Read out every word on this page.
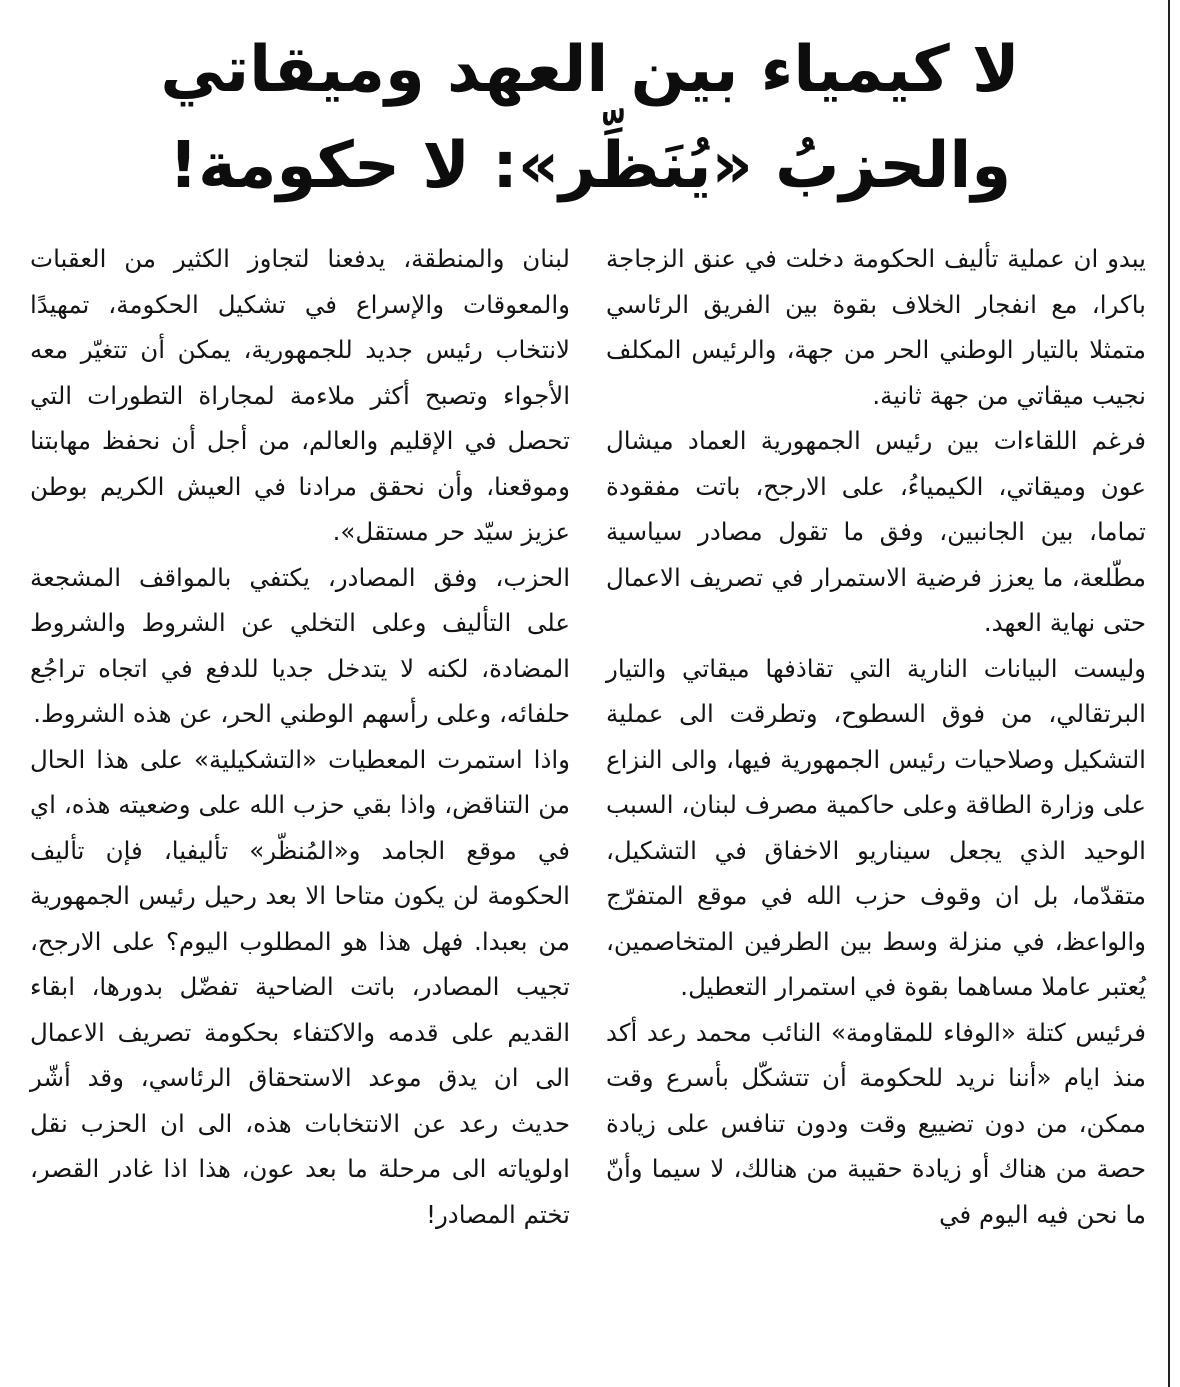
لا كيمياء بين العهد وميقاتي
والحزبُ «يُنَظِّر»: لا حكومة!

يبدو ان عملية تأليف الحكومة دخلت في عنق الزجاجة باكرا، مع انفجار الخلاف بقوة بين الفريق الرئاسي متمثلا بالتيار الوطني الحر من جهة، والرئيس المكلف نجيب ميقاتي من جهة ثانية.

فرغم اللقاءات بين رئيس الجمهورية العماد ميشال عون وميقاتي، الكيمياءُ، على الارجح، باتت مفقودة تماما، بين الجانبين، وفق ما تقول مصادر سياسية مطّلعة، ما يعزز فرضية الاستمرار في تصريف الاعمال حتى نهاية العهد.

وليست البيانات النارية التي تقاذفها ميقاتي والتيار البرتقالي، من فوق السطوح، وتطرقت الى عملية التشكيل وصلاحيات رئيس الجمهورية فيها، والى النزاع على وزارة الطاقة وعلى حاكمية مصرف لبنان، السبب الوحيد الذي يجعل سيناريو الاخفاق في التشكيل، متقدّما، بل ان وقوف حزب الله في موقع المتفرّج والواعظ، في منزلة وسط بين الطرفين المتخاصمين، يُعتبر عاملا مساهما بقوة في استمرار التعطيل.

فرئيس كتلة «الوفاء للمقاومة» النائب محمد رعد أكد منذ ايام «أننا نريد للحكومة أن تتشكّل بأسرع وقت ممكن، من دون تضييع وقت ودون تنافس على زيادة حصة من هناك أو زيادة حقيبة من هنالك، لا سيما وأنّ ما نحن فيه اليوم في

لبنان والمنطقة، يدفعنا لتجاوز الكثير من العقبات والمعوقات والإسراع في تشكيل الحكومة، تمهيدًا لانتخاب رئيس جديد للجمهورية، يمكن أن تتغيّر معه الأجواء وتصبح أكثر ملاءمة لمجاراة التطورات التي تحصل في الإقليم والعالم، من أجل أن نحفظ مهابتنا وموقعنا، وأن نحقق مرادنا في العيش الكريم بوطن عزيز سيّد حر مستقل».

الحزب، وفق المصادر، يكتفي بالمواقف المشجعة على التأليف وعلى التخلي عن الشروط والشروط المضادة، لكنه لا يتدخل جديا للدفع في اتجاه تراجُع حلفائه، وعلى رأسهم الوطني الحر، عن هذه الشروط.

واذا استمرت المعطيات «التشكيلية» على هذا الحال من التناقض، واذا بقي حزب الله على وضعيته هذه، اي في موقع الجامد و«المُنظّر» تأليفيا، فإن تأليف الحكومة لن يكون متاحا الا بعد رحيل رئيس الجمهورية من بعبدا. فهل هذا هو المطلوب اليوم؟ على الارجح، تجيب المصادر، باتت الضاحية تفضّل بدورها، ابقاء القديم على قدمه والاكتفاء بحكومة تصريف الاعمال الى ان يدق موعد الاستحقاق الرئاسي، وقد أشّر حديث رعد عن الانتخابات هذه، الى ان الحزب نقل اولوياته الى مرحلة ما بعد عون، هذا اذا غادر القصر، تختم المصادر!
